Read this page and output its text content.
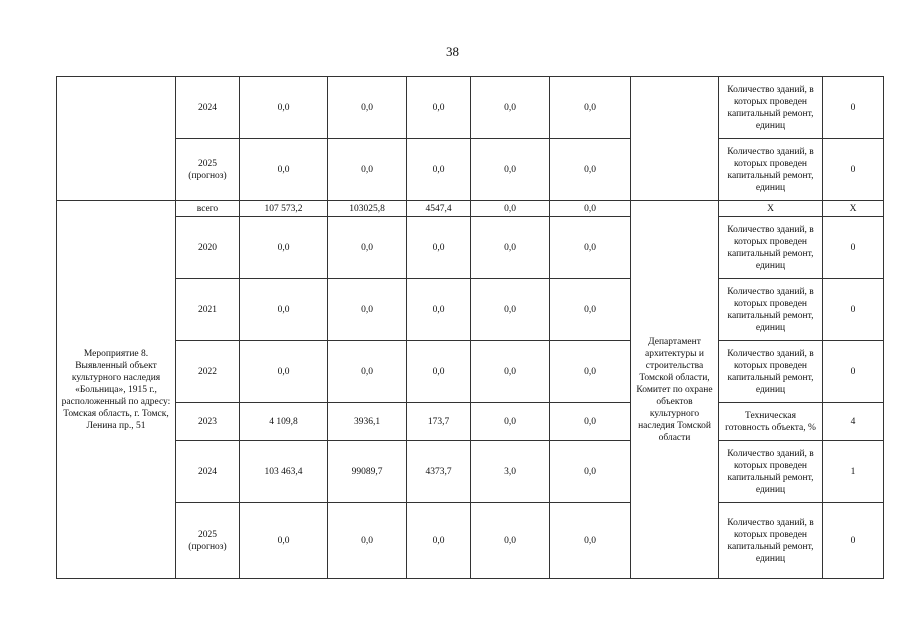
38
	2024	0,0	0,0	0,0	0,0	0,0		Количество зданий, в которых проведен капитальный ремонт, единиц	0
	2025 (прогноз)	0,0	0,0	0,0	0,0	0,0		Количество зданий, в которых проведен капитальный ремонт, единиц	0
Мероприятие 8. Выявленный объект культурного наследия «Больница», 1915 г., расположенный по адресу: Томская область, г. Томск, Ленина пр., 51	всего	107 573,2	103025,8	4547,4	0,0	0,0	Департамент архитектуры и строительства Томской области, Комитет по охране объектов культурного наследия Томской области	X	X
	2020	0,0	0,0	0,0	0,0	0,0		Количество зданий, в которых проведен капитальный ремонт, единиц	0
	2021	0,0	0,0	0,0	0,0	0,0		Количество зданий, в которых проведен капитальный ремонт, единиц	0
	2022	0,0	0,0	0,0	0,0	0,0		Количество зданий, в которых проведен капитальный ремонт, единиц	0
	2023	4 109,8	3936,1	173,7	0,0	0,0		Техническая готовность объекта, %	4
	2024	103 463,4	99089,7	4373,7	3,0	0,0		Количество зданий, в которых проведен капитальный ремонт, единиц	1
	2025 (прогноз)	0,0	0,0	0,0	0,0	0,0		Количество зданий, в которых проведен капитальный ремонт, единиц	0
